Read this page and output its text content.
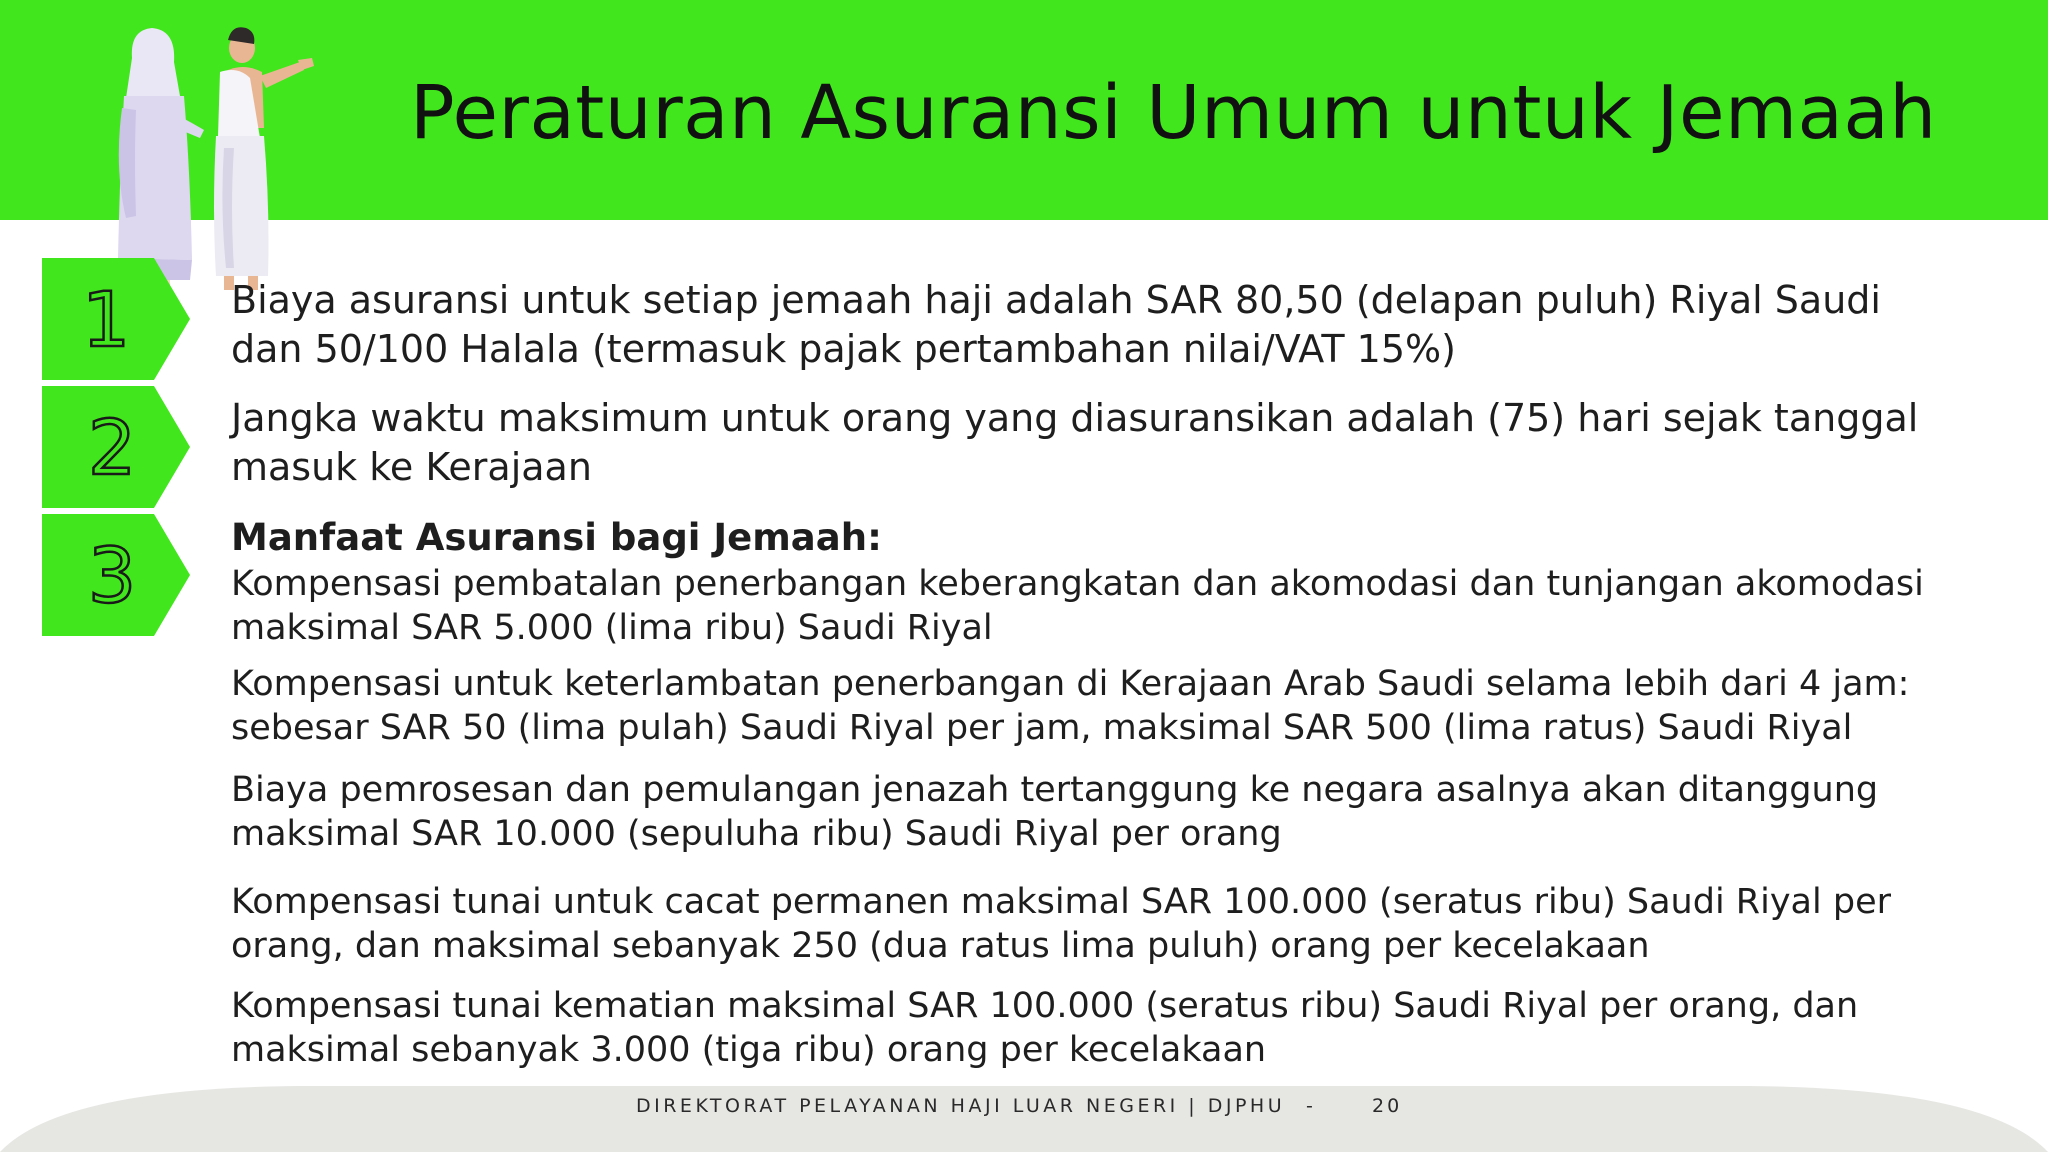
Peraturan Asuransi Umum untuk Jemaah
1
2
3
Biaya asuransi untuk setiap jemaah haji adalah SAR 80,50 (delapan puluh) Riyal Saudi
dan 50/100 Halala (termasuk pajak pertambahan nilai/VAT 15%)
Jangka waktu maksimum untuk orang yang diasuransikan adalah (75) hari sejak tanggal
masuk ke Kerajaan
Manfaat Asuransi bagi Jemaah:
Kompensasi pembatalan penerbangan keberangkatan dan akomodasi dan tunjangan akomodasi
maksimal SAR 5.000 (lima ribu) Saudi Riyal
Kompensasi untuk keterlambatan penerbangan di Kerajaan Arab Saudi selama lebih dari 4 jam:
sebesar SAR 50 (lima pulah) Saudi Riyal per jam, maksimal SAR 500 (lima ratus) Saudi Riyal
Biaya pemrosesan dan pemulangan jenazah tertanggung ke negara asalnya akan ditanggung
maksimal SAR 10.000 (sepuluha ribu) Saudi Riyal per orang
Kompensasi tunai untuk cacat permanen maksimal SAR 100.000 (seratus ribu) Saudi Riyal per
orang, dan maksimal sebanyak 250 (dua ratus lima puluh) orang per kecelakaan
Kompensasi tunai kematian maksimal SAR 100.000 (seratus ribu) Saudi Riyal per orang, dan
maksimal sebanyak 3.000 (tiga ribu) orang per kecelakaan
DIREKTORAT PELAYANAN HAJI LUAR NEGERI | DJPHU -	20
